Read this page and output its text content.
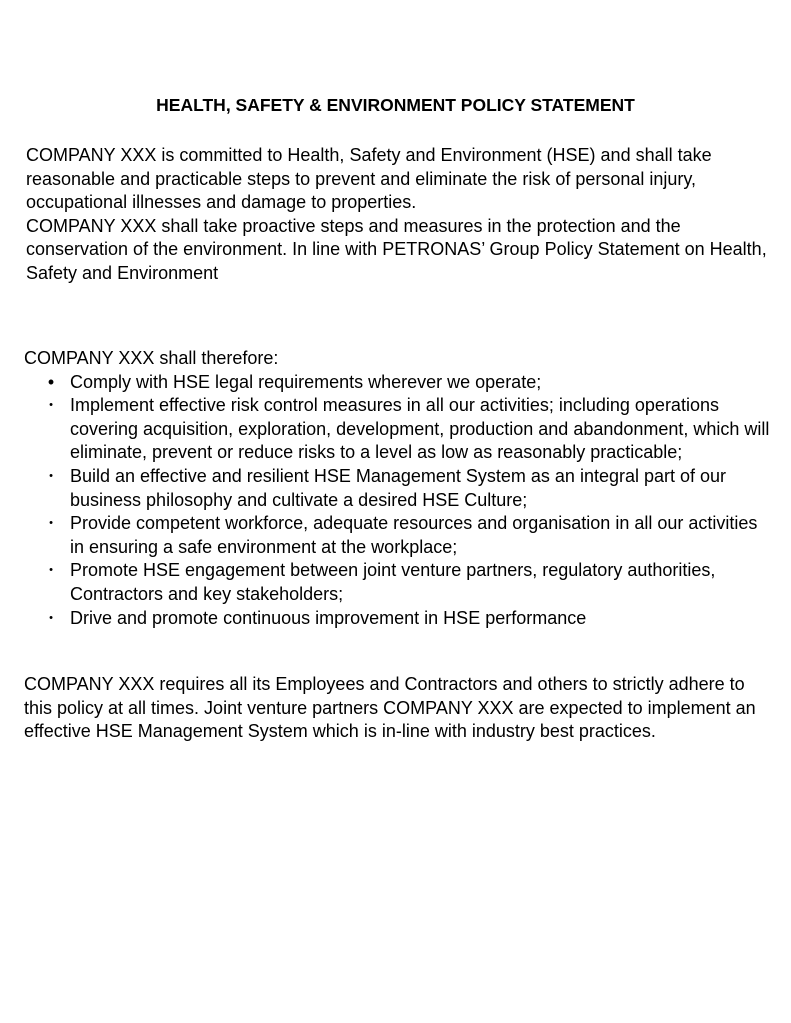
HEALTH, SAFETY & ENVIRONMENT POLICY STATEMENT

COMPANY XXX is committed to Health, Safety and Environment (HSE) and shall take reasonable and practicable steps to prevent and eliminate the risk of personal injury, occupational illnesses and damage to properties.

COMPANY XXX shall take proactive steps and measures in the protection and the conservation of the environment. In line with PETRONAS’ Group Policy Statement on Health, Safety and Environment

COMPANY XXX shall therefore:

• Comply with HSE legal requirements wherever we operate;
• Implement effective risk control measures in all our activities; including operations covering acquisition, exploration, development, production and abandonment, which will eliminate, prevent or reduce risks to a level as low as reasonably practicable;
• Build an effective and resilient HSE Management System as an integral part of our business philosophy and cultivate a desired HSE Culture;
• Provide competent workforce, adequate resources and organisation in all our activities in ensuring a safe environment at the workplace;
• Promote HSE engagement between joint venture partners, regulatory authorities, Contractors and key stakeholders;
• Drive and promote continuous improvement in HSE performance

COMPANY XXX requires all its Employees and Contractors and others to strictly adhere to this policy at all times. Joint venture partners COMPANY XXX are expected to implement an effective HSE Management System which is in-line with industry best practices.
